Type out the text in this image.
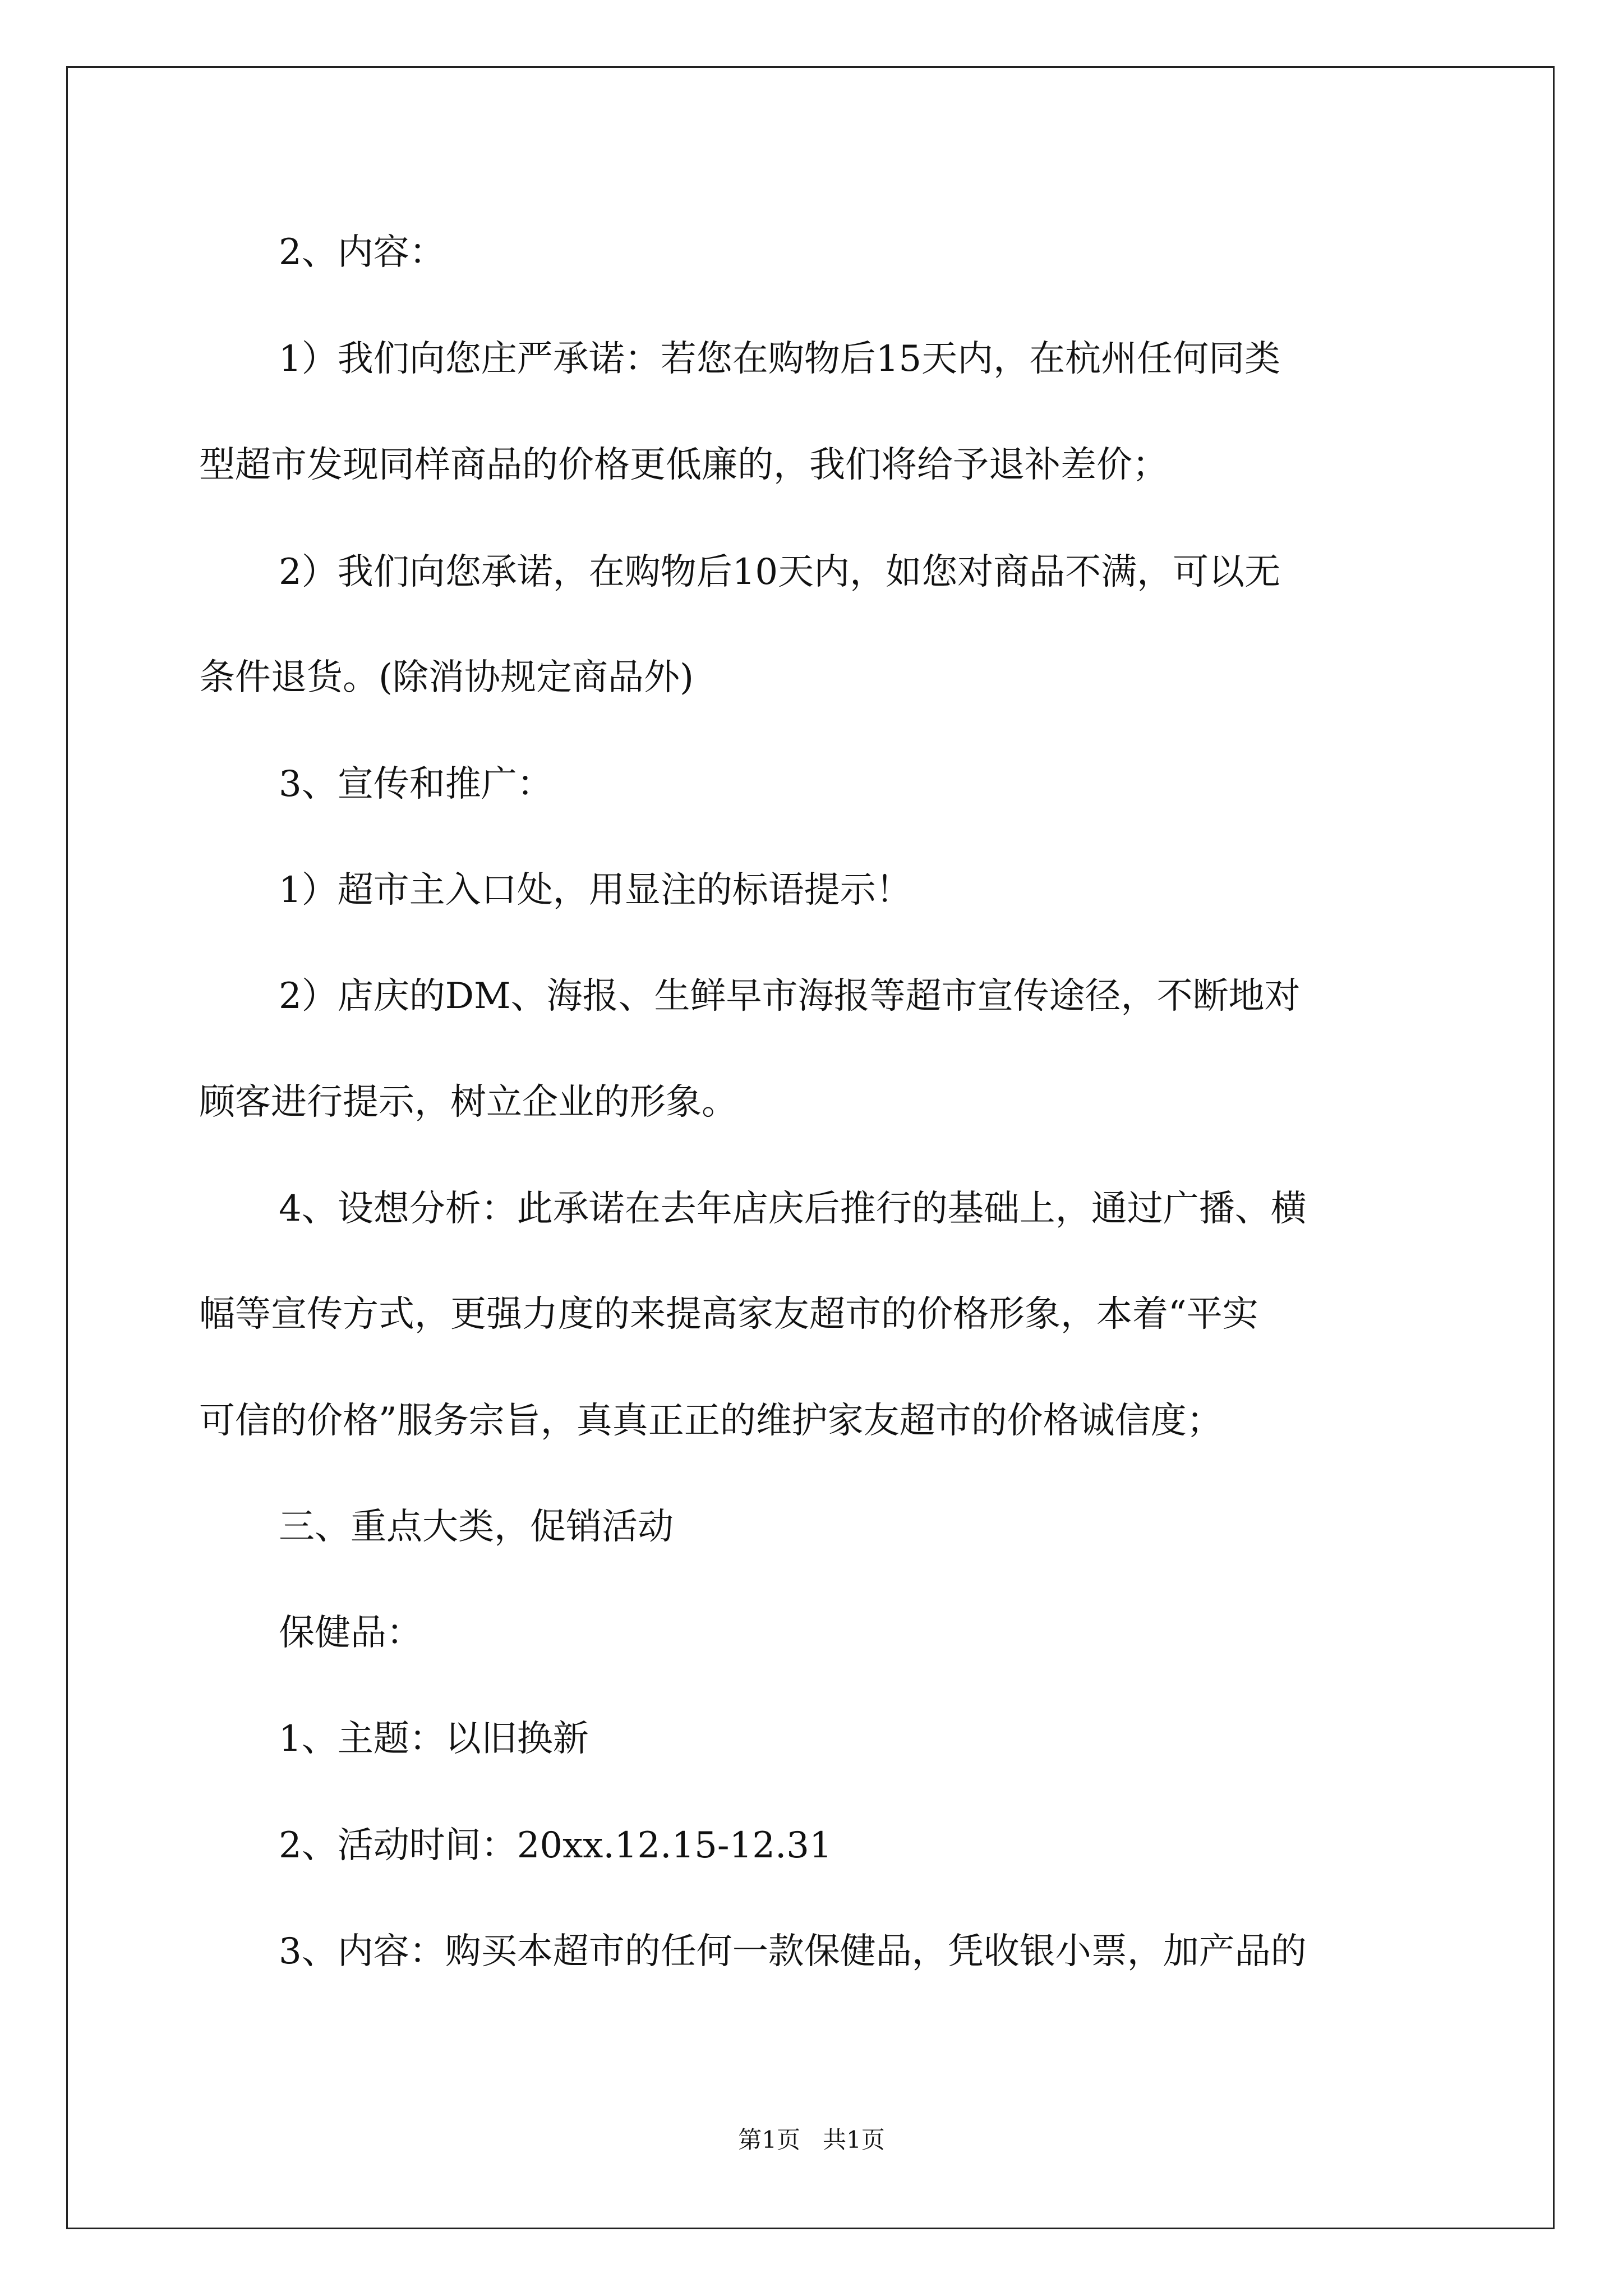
2、内容：
1）我们向您庄严承诺：若您在购物后15天内，在杭州任何同类
型超市发现同样商品的价格更低廉的，我们将给予退补差价；
2）我们向您承诺，在购物后10天内，如您对商品不满，可以无
条件退货。(除消协规定商品外)
3、宣传和推广：
1）超市主入口处，用显注的标语提示！
2）店庆的DM、海报、生鲜早市海报等超市宣传途径，不断地对
顾客进行提示，树立企业的形象。
4、设想分析：此承诺在去年店庆后推行的基础上，通过广播、横
幅等宣传方式，更强力度的来提高家友超市的价格形象，本着“平实
可信的价格”服务宗旨，真真正正的维护家友超市的价格诚信度；
三、重点大类，促销活动
保健品：
1、主题：以旧换新
2、活动时间：20xx.12.15-12.31
3、内容：购买本超市的任何一款保健品，凭收银小票，加产品的
第1页   共1页
